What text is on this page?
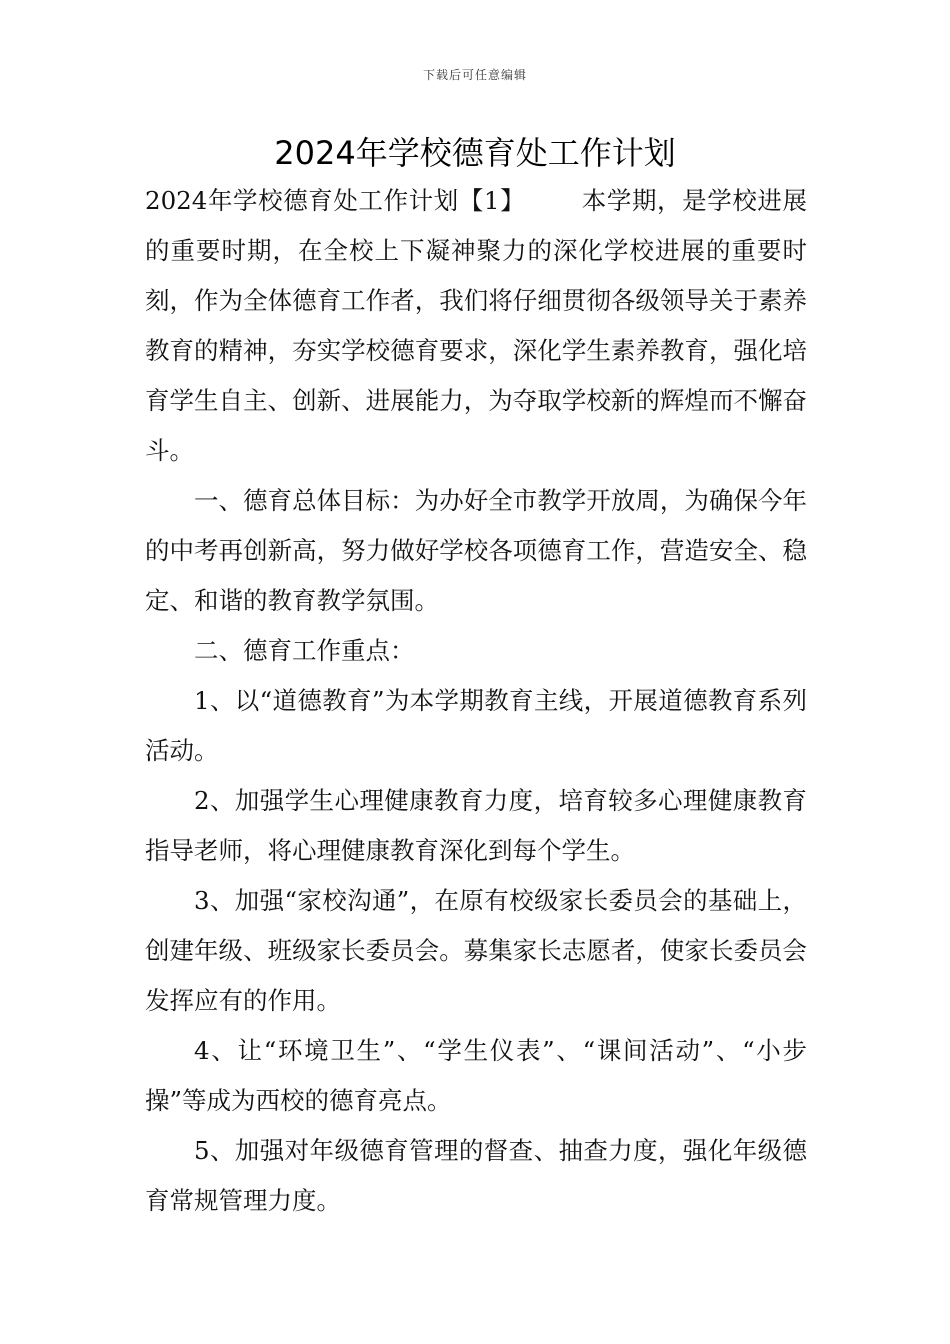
下载后可任意编辑
2024年学校德育处工作计划

2024年学校德育处工作计划【1】 本学期，是学校进展的重要时期，在全校上下凝神聚力的深化学校进展的重要时刻，作为全体德育工作者，我们将仔细贯彻各级领导关于素养教育的精神，夯实学校德育要求，深化学生素养教育，强化培育学生自主、创新、进展能力，为夺取学校新的辉煌而不懈奋斗。

一、德育总体目标：为办好全市教学开放周，为确保今年的中考再创新高，努力做好学校各项德育工作，营造安全、稳定、和谐的教育教学氛围。

二、德育工作重点：

1、以“道德教育”为本学期教育主线，开展道德教育系列活动。

2、加强学生心理健康教育力度，培育较多心理健康教育指导老师，将心理健康教育深化到每个学生。

3、加强“家校沟通”，在原有校级家长委员会的基础上，创建年级、班级家长委员会。募集家长志愿者，使家长委员会发挥应有的作用。

4、让“环境卫生”、“学生仪表”、“课间活动”、“小步操”等成为西校的德育亮点。

5、加强对年级德育管理的督查、抽查力度，强化年级德育常规管理力度。
